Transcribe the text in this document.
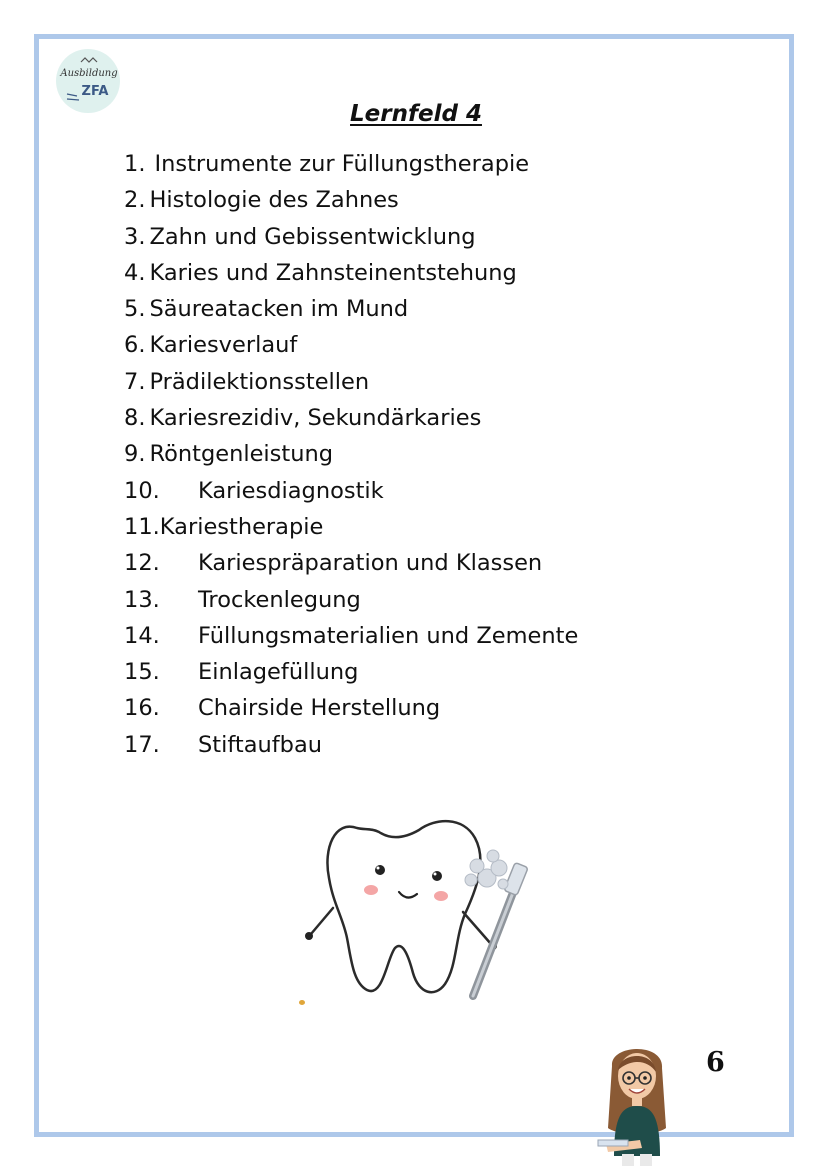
Ausbildung
ZFA
Lernfeld 4
1. Instrumente zur Füllungstherapie
2. Histologie des Zahnes
3. Zahn und Gebissentwicklung
4. Karies und Zahnsteinentstehung
5. Säureatacken im Mund
6. Kariesverlauf
7. Prädilektionsstellen
8. Kariesrezidiv, Sekundärkaries
9. Röntgenleistung
10. Kariesdiagnostik
11.Kariestherapie
12. Kariespräparation und Klassen
13. Trockenlegung
14. Füllungsmaterialien und Zemente
15. Einlagefüllung
16. Chairside Herstellung
17. Stiftaufbau
6
